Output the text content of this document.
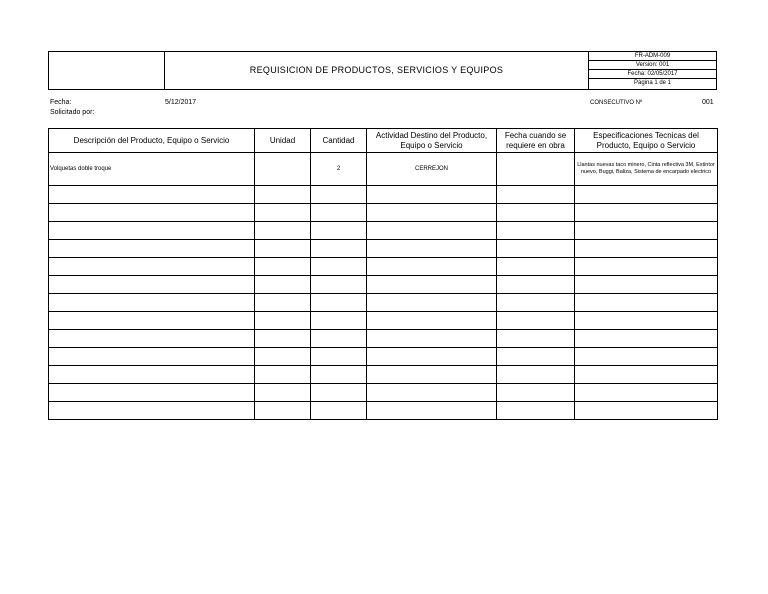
REQUISICION DE PRODUCTOS, SERVICIOS Y EQUIPOS
FR-ADM-009
Version: 001
Fecha: 02/05/2017
Página 1 de 1
Fecha:	5/12/2017
Solicitado por:
CONSECUTIVO Nº	001
Descripción del Producto, Equipo o Servicio	Unidad	Cantidad	Actividad Destino del Producto, Equipo o Servicio	Fecha cuando se requiere en obra	Especificaciones Tecnicas del Producto, Equipo o Servicio
Volquetas doble troque		2	CERREJON		Llantas nuevas taco minero, Cinta reflectiva 3M, Extintor nuevo, Buggi, Baliza, Sistema de encarpado electrico
